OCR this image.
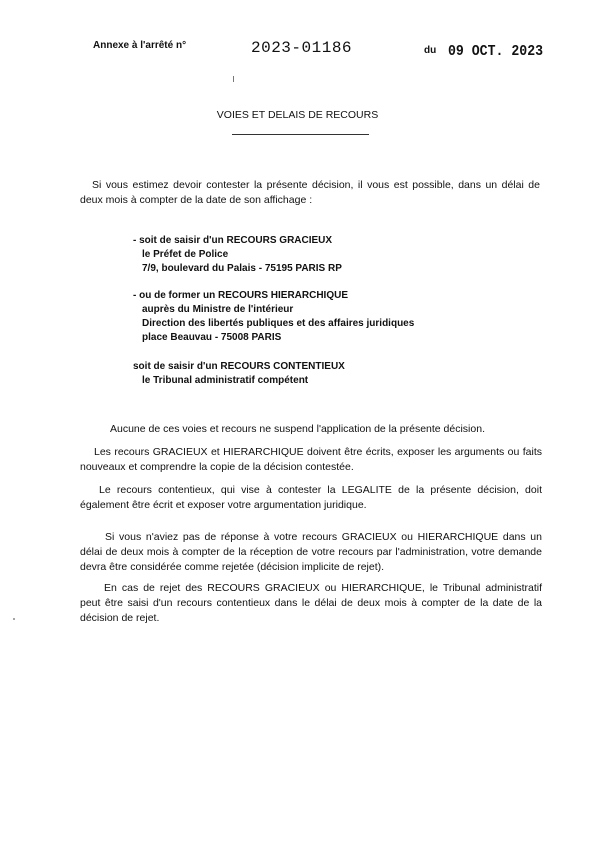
Annexe à l'arrêté n°	2023-01186	du 09 OCT. 2023
VOIES ET DELAIS DE RECOURS
Si vous estimez devoir contester la présente décision, il vous est possible, dans un délai de deux mois à compter de la date de son affichage :
- soit de saisir d'un RECOURS GRACIEUX
le Préfet de Police
7/9, boulevard du Palais - 75195 PARIS RP
- ou de former un RECOURS HIERARCHIQUE
auprès du Ministre de l'intérieur
Direction des libertés publiques et des affaires juridiques
place Beauvau - 75008 PARIS
soit de saisir d'un RECOURS CONTENTIEUX
le Tribunal administratif compétent
Aucune de ces voies et recours ne suspend l'application de la présente décision.
Les recours GRACIEUX et HIERARCHIQUE doivent être écrits, exposer les arguments ou faits nouveaux et comprendre la copie de la décision contestée.
Le recours contentieux, qui vise à contester la LEGALITE de la présente décision, doit également être écrit et exposer votre argumentation juridique.
Si vous n'aviez pas de réponse à votre recours GRACIEUX ou HIERARCHIQUE dans un délai de deux mois à compter de la réception de votre recours par l'administration, votre demande devra être considérée comme rejetée (décision implicite de rejet).
En cas de rejet des RECOURS GRACIEUX ou HIERARCHIQUE, le Tribunal administratif peut être saisi d'un recours contentieux dans le délai de deux mois à compter de la date de la décision de rejet.
